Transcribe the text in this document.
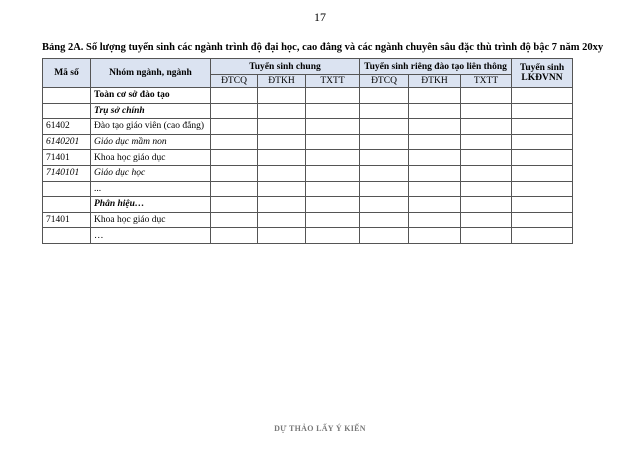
17
Bảng 2A. Số lượng tuyển sinh các ngành trình độ đại học, cao đẳng và các ngành chuyên sâu đặc thù trình độ bậc 7 năm 20xy
Mã số	Nhóm ngành, ngành	Tuyển sinh chung			Tuyển sinh riêng đào tạo liên thông			Tuyển sinh LKĐVNN
		ĐTCQ	ĐTKH	TXTT	ĐTCQ	ĐTKH	TXTT	
	Toàn cơ sở đào tạo							
	Trụ sở chính							
61402	Đào tạo giáo viên (cao đẳng)							
6140201	Giáo dục mầm non							
71401	Khoa học giáo dục							
7140101	Giáo dục học							
	...							
	Phân hiệu…							
71401	Khoa học giáo dục							
	…							
DỰ THẢO LẤY Ý KIẾN
